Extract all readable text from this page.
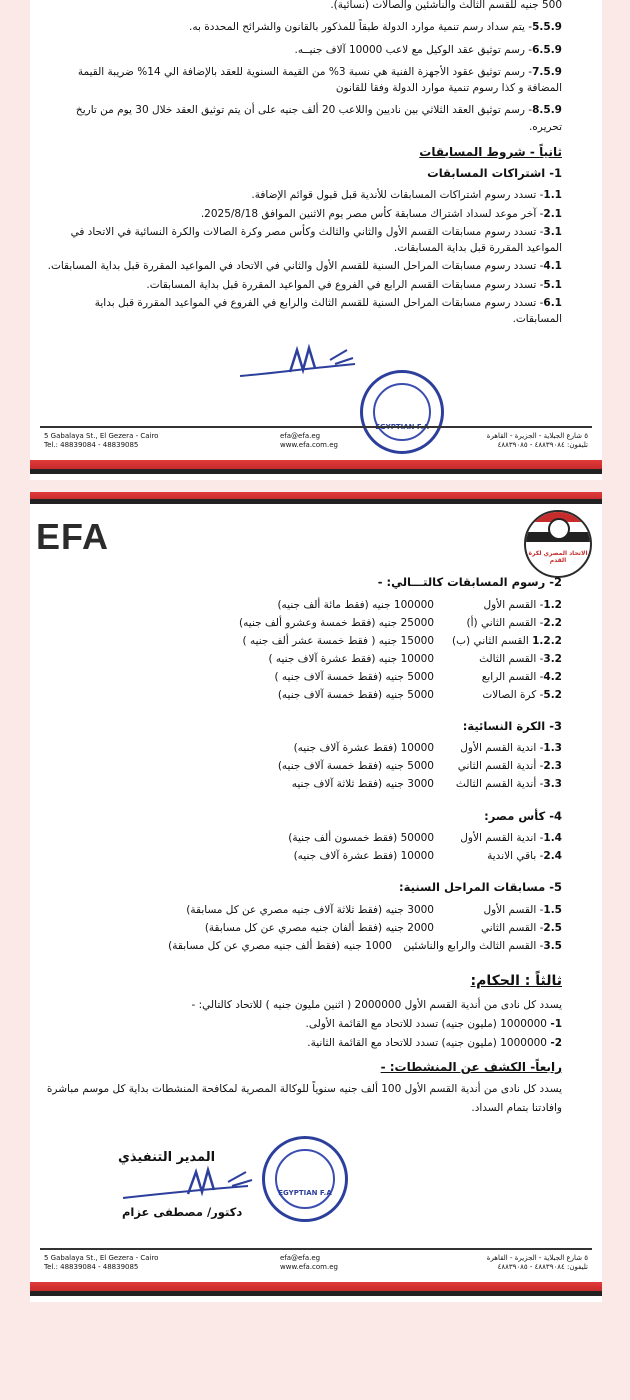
500 جنيه للقسم الثالث والناشئين والصالات (نسائية).
5.5.9- يتم سداد رسم تنمية موارد الدولة طبقاً للمذكور بالقانون والشرائح المحددة به.
6.5.9- رسم توثيق عقد الوكيل مع لاعب 10000 آلاف جنيــه.
7.5.9- رسم توثيق عقود الأجهزة الفنية هي نسبة 3% من القيمة السنوية للعقد بالإضافة الي 14% ضريبة القيمة المضافة و كذا رسوم تنمية موارد الدولة وفقا للقانون
8.5.9- رسم توثيق العقد الثلاثي بين ناديين واللاعب 20 ألف جنيه على أن يتم توثيق العقد خلال 30 يوم من تاريخ تحريره.
ثانياً - شروط المسابقات
1- اشتراكات المسابقات
1.1- تسدد رسوم اشتراكات المسابقات للأندية قبل قبول قوائم الإضافة.
2.1- آخر موعد لسداد اشتراك مسابقة كأس مصر يوم الاثنين الموافق 2025/8/18.
3.1- تسدد رسوم مسابقات القسم الأول والثاني والثالث وكأس مصر وكرة الصالات والكرة النسائية في الاتحاد في المواعيد المقررة قبل بداية المسابقات.
4.1- تسدد رسوم مسابقات المراحل السنية للقسم الأول والثاني في الاتحاد في المواعيد المقررة قبل بداية المسابقات.
5.1- تسدد رسوم مسابقات القسم الرابع في الفروع في المواعيد المقررة قبل بداية المسابقات.
6.1- تسدد رسوم مسابقات المراحل السنية للقسم الثالث والرابع في الفروع في المواعيد المقررة قبل بداية المسابقات.
EGYPTIAN F.A
5 Gabalaya St., El Gezera - Cairo
Tel.: 48839084 - 48839085
efa@efa.eg
www.efa.com.eg
٥ شارع الجبلاية - الجزيرة - القاهرة
تليفون: ٤٨٨٣٩٠٨٤ - ٤٨٨٣٩٠٨٥
EFA	الاتحاد المصري لكرة القدم
2- رسوم المسابقات كالتـــالي: -
1.2- القسم الأول
100000 جنيه (فقط مائة ألف جنيه)
2.2- القسم الثاني (أ)
25000 جنيه (فقط خمسة وعشرو ألف جنيه)
1.2.2 القسم الثاني (ب)
15000 جنيه ( فقط خمسة عشر ألف جنيه )
3.2- القسم الثالث
10000 جنيه (فقط عشرة آلاف جنيه )
4.2- القسم الرابع
5000 جنيه (فقط خمسة آلاف جنيه )
5.2- كرة الصالات
5000 جنيه (فقط خمسة آلاف جنيه)
3- الكرة النسائية:
1.3- اندية القسم الأول
10000 (فقط عشرة آلاف جنيه)
2.3- أندية القسم الثاني
5000 جنيه (فقط خمسة آلاف جنيه)
3.3- أندية القسم الثالث
3000 جنيه (فقط ثلاثة آلاف جنيه
4- كأس مصر:
1.4- اندية القسم الأول
50000 (فقط خمسون ألف جنية)
2.4- باقي الاندية
10000 (فقط عشرة آلاف جنيه)
5- مسابقات المراحل السنية:
1.5- القسم الأول
3000 جنيه (فقط ثلاثة آلاف جنيه مصري عن كل مسابقة)
2.5- القسم الثاني
2000 جنيه (فقط ألفان جنيه مصري عن كل مسابقة)
3.5- القسم الثالث والرابع والناشئين
1000 جنيه (فقط ألف جنيه مصري عن كل مسابقة)
ثالثاً : الحكام:
يسدد كل نادى من أندية القسم الأول 2000000 ( اثنين مليون جنيه ) للاتحاد كالتالي: -
1- 1000000 (مليون جنيه) تسدد للاتحاد مع القائمة الأولى.
2- 1000000 (مليون جنيه) تسدد للاتحاد مع القائمة الثانية.
رابعاً- الكشف عن المنشطات: -
يسدد كل نادى من أندية القسم الأول 100 ألف جنيه سنوياً للوكالة المصرية لمكافحة المنشطات بداية كل موسم مباشرة وافادتنا بتمام السداد.
المدير التنفيذي
دكتور/ مصطفى عزام
EGYPTIAN F.A
5 Gabalaya St., El Gezera - Cairo
Tel.: 48839084 - 48839085
efa@efa.eg
www.efa.com.eg
٥ شارع الجبلاية - الجزيرة - القاهرة
تليفون: ٤٨٨٣٩٠٨٤ - ٤٨٨٣٩٠٨٥
